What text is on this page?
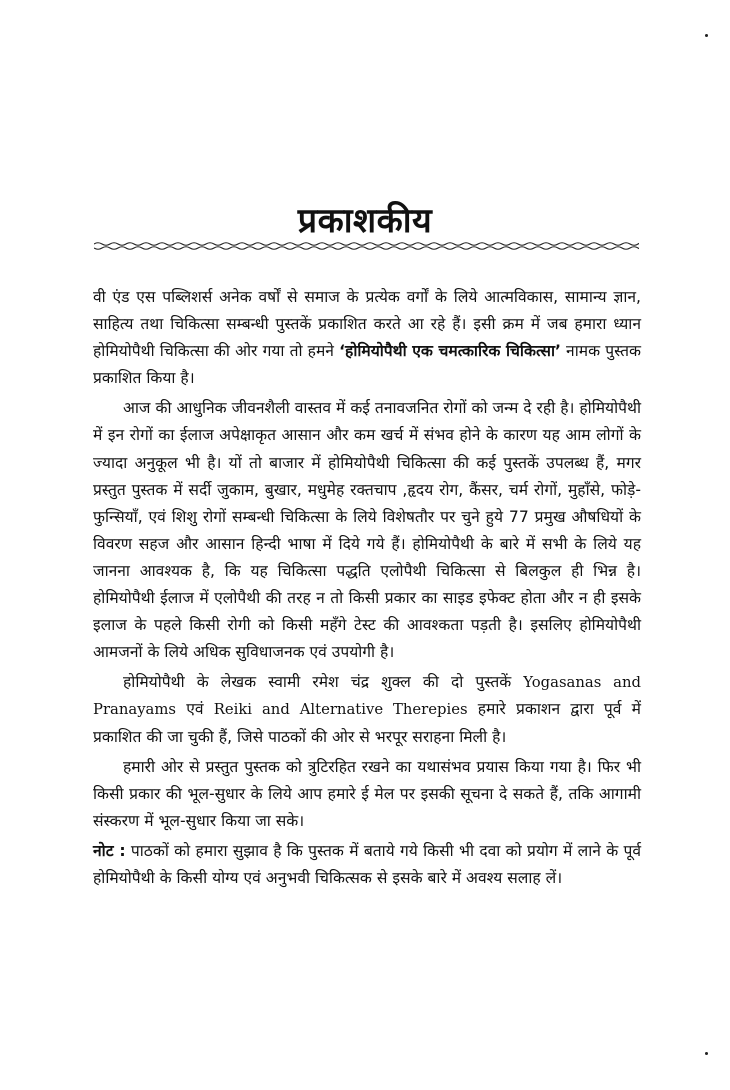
प्रकाशकीय

वी एंड एस पब्लिशर्स अनेक वर्षों से समाज के प्रत्येक वर्गों के लिये आत्मविकास, सामान्य ज्ञान, साहित्य तथा चिकित्सा सम्बन्धी पुस्तकें प्रकाशित करते आ रहे हैं। इसी क्रम में जब हमारा ध्यान होमियोपैथी चिकित्सा की ओर गया तो हमने ‘होमियोपैथी एक चमत्कारिक चिकित्सा’ नामक पुस्तक प्रकाशित किया है।

आज की आधुनिक जीवनशैली वास्तव में कई तनावजनित रोगों को जन्म दे रही है। होमियोपैथी में इन रोगों का ईलाज अपेक्षाकृत आसान और कम खर्च में संभव होने के कारण यह आम लोगों के ज्यादा अनुकूल भी है। यों तो बाजार में होमियोपैथी चिकित्सा की कई पुस्तकें उपलब्ध हैं, मगर प्रस्तुत पुस्तक में सर्दी जुकाम, बुखार, मधुमेह रक्तचाप ,हृदय रोग, कैंसर, चर्म रोगों, मुहाँसे, फोड़े-फुन्सियाँ, एवं शिशु रोगों सम्बन्धी चिकित्सा के लिये विशेषतौर पर चुने हुये 77 प्रमुख औषधियों के विवरण सहज और आसान हिन्दी भाषा में दिये गये हैं। होमियोपैथी के बारे में सभी के लिये यह जानना आवश्यक है, कि यह चिकित्सा पद्धति एलोपैथी चिकित्सा से बिलकुल ही भिन्न है। होमियोपैथी ईलाज में एलोपैथी की तरह न तो किसी प्रकार का साइड इफेक्ट होता और न ही इसके इलाज के पहले किसी रोगी को किसी महँगे टेस्ट की आवश्कता पड़ती है। इसलिए होमियोपैथी आमजनों के लिये अधिक सुविधाजनक एवं उपयोगी है।

होमियोपैथी के लेखक स्वामी रमेश चंद्र शुक्ल की दो पुस्तकें Yogasanas and Pranayams एवं Reiki and Alternative Therepies हमारे प्रकाशन द्वारा पूर्व में प्रकाशित की जा चुकी हैं, जिसे पाठकों की ओर से भरपूर सराहना मिली है।

हमारी ओर से प्रस्तुत पुस्तक को त्रुटिरहित रखने का यथासंभव प्रयास किया गया है। फिर भी किसी प्रकार की भूल-सुधार के लिये आप हमारे ई मेल पर इसकी सूचना दे सकते हैं, तकि आगामी संस्करण में भूल-सुधार किया जा सके।

नोट : पाठकों को हमारा सुझाव है कि पुस्तक में बताये गये किसी भी दवा को प्रयोग में लाने के पूर्व होमियोपैथी के किसी योग्य एवं अनुभवी चिकित्सक से इसके बारे में अवश्य सलाह लें।
